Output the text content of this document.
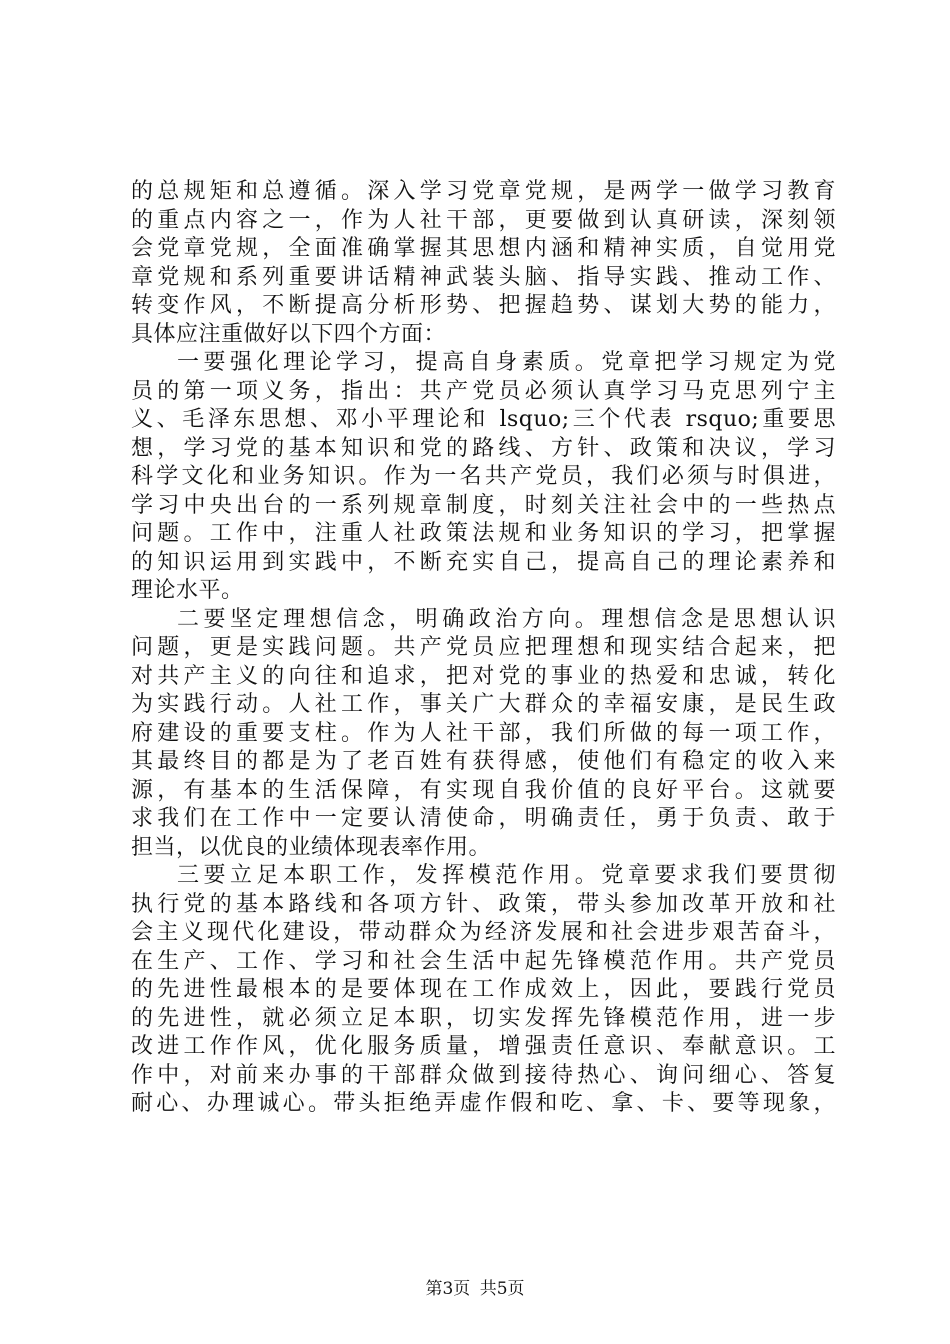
的总规矩和总遵循。深入学习党章党规，是两学一做学习教育
的重点内容之一，作为人社干部，更要做到认真研读，深刻领
会党章党规，全面准确掌握其思想内涵和精神实质，自觉用党
章党规和系列重要讲话精神武装头脑、指导实践、推动工作、
转变作风，不断提高分析形势、把握趋势、谋划大势的能力，
具体应注重做好以下四个方面：
一要强化理论学习，提高自身素质。党章把学习规定为党
员的第一项义务，指出：共产党员必须认真学习马克思列宁主
义、毛泽东思想、邓小平理论和 lsquo;三个代表 rsquo;重要思
想，学习党的基本知识和党的路线、方针、政策和决议，学习
科学文化和业务知识。作为一名共产党员，我们必须与时俱进，
学习中央出台的一系列规章制度，时刻关注社会中的一些热点
问题。工作中，注重人社政策法规和业务知识的学习，把掌握
的知识运用到实践中，不断充实自己，提高自己的理论素养和
理论水平。
二要坚定理想信念，明确政治方向。理想信念是思想认识
问题，更是实践问题。共产党员应把理想和现实结合起来，把
对共产主义的向往和追求，把对党的事业的热爱和忠诚，转化
为实践行动。人社工作，事关广大群众的幸福安康，是民生政
府建设的重要支柱。作为人社干部，我们所做的每一项工作，
其最终目的都是为了老百姓有获得感，使他们有稳定的收入来
源，有基本的生活保障，有实现自我价值的良好平台。这就要
求我们在工作中一定要认清使命，明确责任，勇于负责、敢于
担当，以优良的业绩体现表率作用。
三要立足本职工作，发挥模范作用。党章要求我们要贯彻
执行党的基本路线和各项方针、政策，带头参加改革开放和社
会主义现代化建设，带动群众为经济发展和社会进步艰苦奋斗，
在生产、工作、学习和社会生活中起先锋模范作用。共产党员
的先进性最根本的是要体现在工作成效上，因此，要践行党员
的先进性，就必须立足本职，切实发挥先锋模范作用，进一步
改进工作作风，优化服务质量，增强责任意识、奉献意识。工
作中，对前来办事的干部群众做到接待热心、询问细心、答复
耐心、办理诚心。带头拒绝弄虚作假和吃、拿、卡、要等现象，
第3页 共5页
